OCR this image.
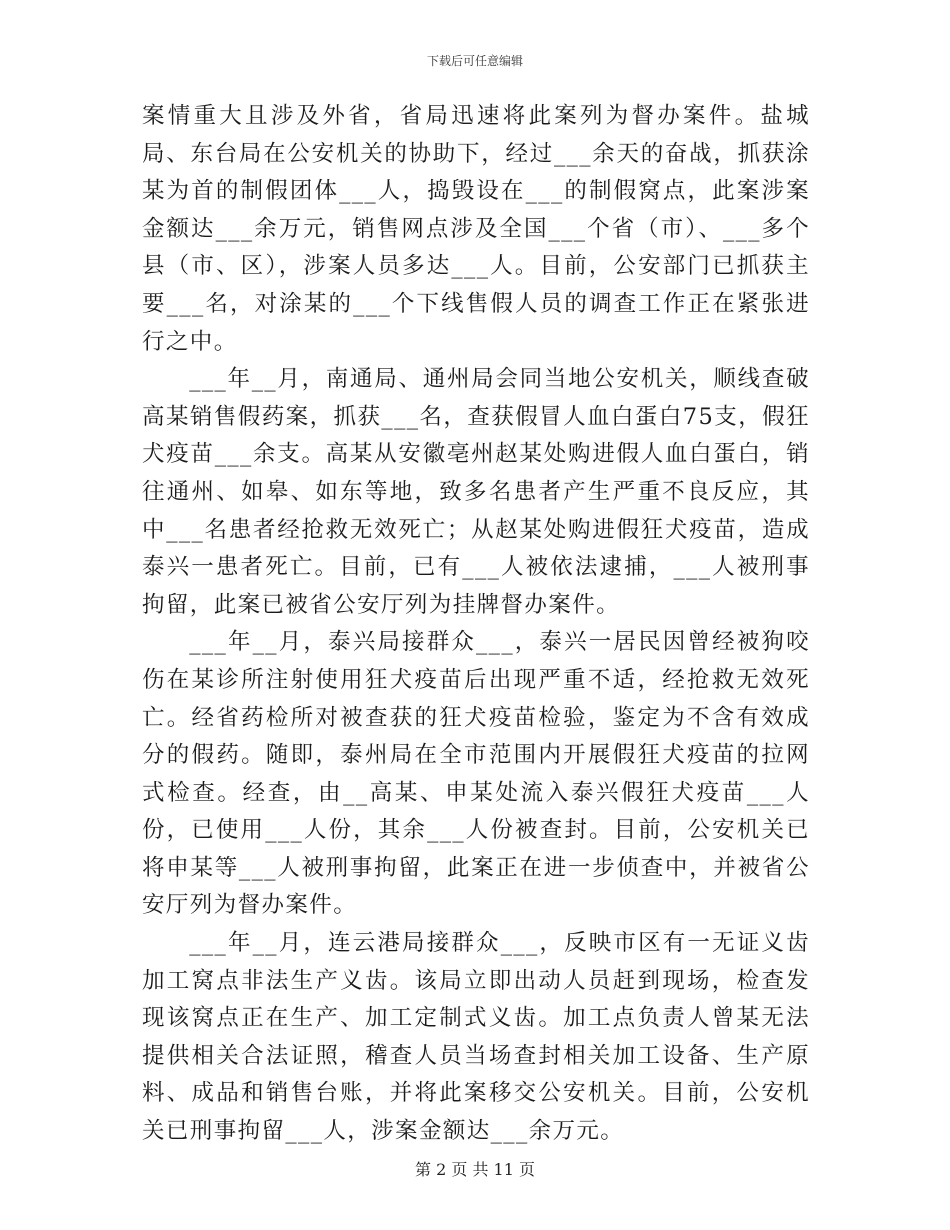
下载后可任意编辑

案情重大且涉及外省，省局迅速将此案列为督办案件。盐城局、东台局在公安机关的协助下，经过___余天的奋战，抓获涂某为首的制假团体___人，捣毁设在___的制假窝点，此案涉案金额达___余万元，销售网点涉及全国___个省（市）、___多个县（市、区），涉案人员多达___人。目前，公安部门已抓获主要___名，对涂某的___个下线售假人员的调查工作正在紧张进行之中。

___年__月，南通局、通州局会同当地公安机关，顺线查破高某销售假药案，抓获___名，查获假冒人血白蛋白75支，假狂犬疫苗___余支。高某从安徽亳州赵某处购进假人血白蛋白，销往通州、如皋、如东等地，致多名患者产生严重不良反应，其中___名患者经抢救无效死亡；从赵某处购进假狂犬疫苗，造成泰兴一患者死亡。目前，已有___人被依法逮捕，___人被刑事拘留，此案已被省公安厅列为挂牌督办案件。

___年__月，泰兴局接群众___，泰兴一居民因曾经被狗咬伤在某诊所注射使用狂犬疫苗后出现严重不适，经抢救无效死亡。经省药检所对被查获的狂犬疫苗检验，鉴定为不含有效成分的假药。随即，泰州局在全市范围内开展假狂犬疫苗的拉网式检查。经查，由__高某、申某处流入泰兴假狂犬疫苗___人份，已使用___人份，其余___人份被查封。目前，公安机关已将申某等___人被刑事拘留，此案正在进一步侦查中，并被省公安厅列为督办案件。

___年__月，连云港局接群众___，反映市区有一无证义齿加工窝点非法生产义齿。该局立即出动人员赶到现场，检查发现该窝点正在生产、加工定制式义齿。加工点负责人曾某无法提供相关合法证照，稽查人员当场查封相关加工设备、生产原料、成品和销售台账，并将此案移交公安机关。目前，公安机关已刑事拘留___人，涉案金额达___余万元。

第 2 页 共 11 页
